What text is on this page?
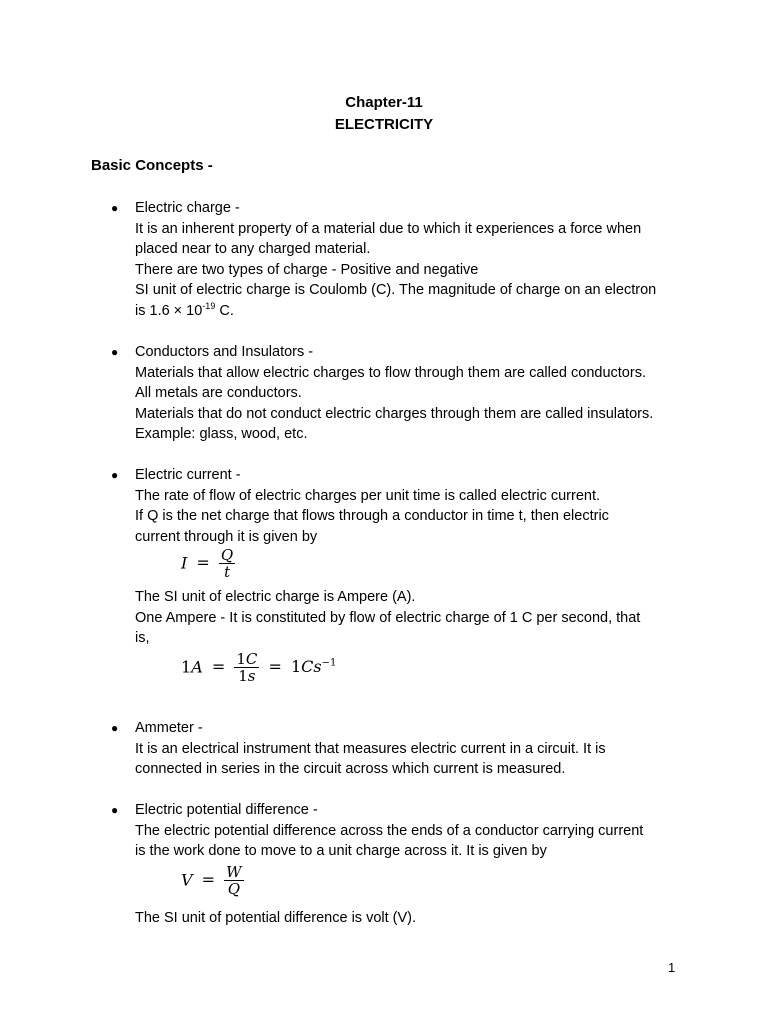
Chapter-11
ELECTRICITY
Basic Concepts -
● Electric charge -
It is an inherent property of a material due to which it experiences a force when
placed near to any charged material.
There are two types of charge - Positive and negative
SI unit of electric charge is Coulomb (C). The magnitude of charge on an electron
is $1.6 \times 10^{-19}$ C.
● Conductors and Insulators -
Materials that allow electric charges to flow through them are called conductors.
All metals are conductors.
Materials that do not conduct electric charges through them are called insulators.
Example: glass, wood, etc.
● Electric current -
The rate of flow of electric charges per unit time is called electric current.
If Q is the net charge that flows through a conductor in time t, then electric
current through it is given by
$I = \frac{Q}{t}$
The SI unit of electric charge is Ampere (A).
One Ampere - It is constituted by flow of electric charge of 1 C per second, that
is,
$1A = \frac{1C}{1s} = 1Cs^{-1}$
● Ammeter -
It is an electrical instrument that measures electric current in a circuit. It is
connected in series in the circuit across which current is measured.
● Electric potential difference -
The electric potential difference across the ends of a conductor carrying current
is the work done to move to a unit charge across it. It is given by
$V = \frac{W}{Q}$
The SI unit of potential difference is volt (V).
1
